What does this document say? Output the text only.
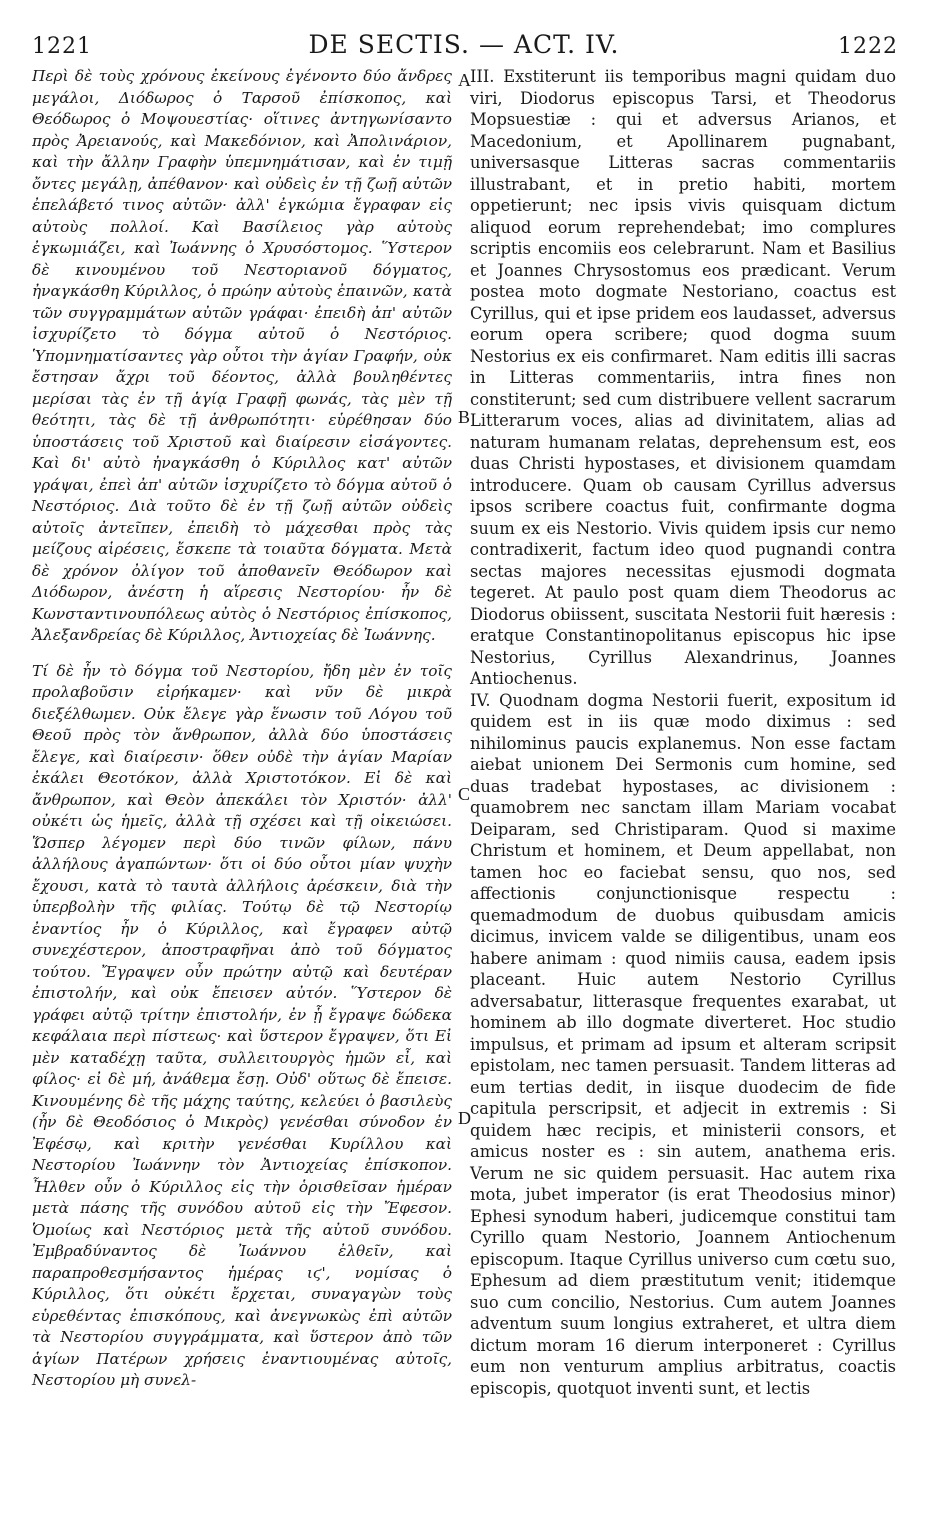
1221	DE SECTIS. — ACT. IV.	1222

Περὶ δὲ τοὺς χρόνους ἐκείνους ἐγένοντο δύο ἄνδρες μεγάλοι, Διόδωρος ὁ Ταρσοῦ ἐπίσκοπος, καὶ Θεόδωρος ὁ Μοψουεστίας· οἵτινες ἀντηγωνίσαντο πρὸς Ἀρειανούς, καὶ Μακεδόνιον, καὶ Ἀπολινάριον, καὶ τὴν ἄλλην Γραφὴν ὑπεμνημάτισαν, καὶ ἐν τιμῇ ὄντες μεγάλῃ, ἀπέθανον· καὶ οὐδεὶς ἐν τῇ ζωῇ αὐτῶν ἐπελάβετό τινος αὐτῶν· ἀλλ' ἐγκώμια ἔγραφαν εἰς αὐτοὺς πολλοί. Καὶ Βασίλειος γὰρ αὐτοὺς ἐγκωμιάζει, καὶ Ἰωάννης ὁ Χρυσόστομος. Ὕστερον δὲ κινουμένου τοῦ Νεστοριανοῦ δόγματος, ἠναγκάσθη Κύριλλος, ὁ πρώην αὐτοὺς ἐπαινῶν, κατὰ τῶν συγγραμμάτων αὐτῶν γράφαι· ἐπειδὴ ἀπ' αὐτῶν ἰσχυρίζετο τὸ δόγμα αὐτοῦ ὁ Νεστόριος. Ὑπομνηματίσαντες γὰρ οὗτοι τὴν ἁγίαν Γραφήν, οὐκ ἔστησαν ἄχρι τοῦ δέοντος, ἀλλὰ βουληθέντες μερίσαι τὰς ἐν τῇ ἁγίᾳ Γραφῇ φωνάς, τὰς μὲν τῇ θεότητι, τὰς δὲ τῇ ἀνθρωπότητι· εὑρέθησαν δύο ὑποστάσεις τοῦ Χριστοῦ καὶ διαίρεσιν εἰσάγοντες. Καὶ δι' αὐτὸ ἠναγκάσθη ὁ Κύριλλος κατ' αὐτῶν γράψαι, ἐπεὶ ἀπ' αὐτῶν ἰσχυρίζετο τὸ δόγμα αὐτοῦ ὁ Νεστόριος. Διὰ τοῦτο δὲ ἐν τῇ ζωῇ αὐτῶν οὐδεὶς αὐτοῖς ἀντεῖπεν, ἐπειδὴ τὸ μάχεσθαι πρὸς τὰς μείζους αἱρέσεις, ἔσκεπε τὰ τοιαῦτα δόγματα. Μετὰ δὲ χρόνον ὀλίγον τοῦ ἀποθανεῖν Θεόδωρον καὶ Διόδωρον, ἀνέστη ἡ αἵρεσις Νεστορίου· ἦν δὲ Κωνσταντινουπόλεως αὐτὸς ὁ Νεστόριος ἐπίσκοπος, Ἀλεξανδρείας δὲ Κύριλλος, Ἀντιοχείας δὲ Ἰωάννης.

Τί δὲ ἦν τὸ δόγμα τοῦ Νεστορίου, ἤδη μὲν ἐν τοῖς προλαβοῦσιν εἰρήκαμεν· καὶ νῦν δὲ μικρὰ διεξέλθωμεν. Οὐκ ἔλεγε γὰρ ἕνωσιν τοῦ Λόγου τοῦ Θεοῦ πρὸς τὸν ἄνθρωπον, ἀλλὰ δύο ὑποστάσεις ἔλεγε, καὶ διαίρεσιν· ὅθεν οὐδὲ τὴν ἁγίαν Μαρίαν ἐκάλει Θεοτόκον, ἀλλὰ Χριστοτόκον. Εἰ δὲ καὶ ἄνθρωπον, καὶ Θεὸν ἀπεκάλει τὸν Χριστόν· ἀλλ' οὐκέτι ὡς ἡμεῖς, ἀλλὰ τῇ σχέσει καὶ τῇ οἰκειώσει. Ὥσπερ λέγομεν περὶ δύο τινῶν φίλων, πάνυ ἀλλήλους ἀγαπώντων· ὅτι οἱ δύο οὗτοι μίαν ψυχὴν ἔχουσι, κατὰ τὸ ταυτὰ ἀλλήλοις ἀρέσκειν, διὰ τὴν ὑπερβολὴν τῆς φιλίας. Τούτῳ δὲ τῷ Νεστορίῳ ἐναντίος ἦν ὁ Κύριλλος, καὶ ἔγραφεν αὐτῷ συνεχέστερον, ἀποστραφῆναι ἀπὸ τοῦ δόγματος τούτου. Ἔγραψεν οὖν πρώτην αὐτῷ καὶ δευτέραν ἐπιστολήν, καὶ οὐκ ἔπεισεν αὐτόν. Ὕστερον δὲ γράφει αὐτῷ τρίτην ἐπιστολήν, ἐν ᾗ ἔγραψε δώδεκα κεφάλαια περὶ πίστεως· καὶ ὕστερον ἔγραψεν, ὅτι Εἰ μὲν καταδέχῃ ταῦτα, συλλειτουργὸς ἡμῶν εἶ, καὶ φίλος· εἰ δὲ μή, ἀνάθεμα ἔσῃ. Οὐδ' οὕτως δὲ ἔπεισε. Κινουμένης δὲ τῆς μάχης ταύτης, κελεύει ὁ βασιλεὺς (ἦν δὲ Θεοδόσιος ὁ Μικρὸς) γενέσθαι σύνοδον ἐν Ἐφέσῳ, καὶ κριτὴν γενέσθαι Κυρίλλου καὶ Νεστορίου Ἰωάννην τὸν Ἀντιοχείας ἐπίσκοπον. Ἦλθεν οὖν ὁ Κύριλλος εἰς τὴν ὁρισθεῖσαν ἡμέραν μετὰ πάσης τῆς συνόδου αὐτοῦ εἰς τὴν Ἔφεσον. Ὁμοίως καὶ Νεστόριος μετὰ τῆς αὐτοῦ συνόδου. Ἐμβραδύναντος δὲ Ἰωάννου ἐλθεῖν, καὶ παραπροθεσμήσαντος ἡμέρας ιϛ', νομίσας ὁ Κύριλλος, ὅτι οὐκέτι ἔρχεται, συναγαγὼν τοὺς εὑρεθέντας ἐπισκόπους, καὶ ἀνεγνωκὼς ἐπὶ αὐτῶν τὰ Νεστορίου συγγράμματα, καὶ ὕστερον ἀπὸ τῶν ἁγίων Πατέρων χρήσεις ἐναντιουμένας αὐτοῖς, Νεστορίου μὴ συνελ-

A
B
C
D

III. Exstiterunt iis temporibus magni quidam duo viri, Diodorus episcopus Tarsi, et Theodorus Mopsuestiæ : qui et adversus Arianos, et Macedonium, et Apollinarem pugnabant, universasque Litteras sacras commentariis illustrabant, et in pretio habiti, mortem oppetierunt; nec ipsis vivis quisquam dictum aliquod eorum reprehendebat; imo complures scriptis encomiis eos celebrarunt. Nam et Basilius et Joannes Chrysostomus eos prædicant. Verum postea moto dogmate Nestoriano, coactus est Cyrillus, qui et ipse pridem eos laudasset, adversus eorum opera scribere; quod dogma suum Nestorius ex eis confirmaret. Nam editis illi sacras in Litteras commentariis, intra fines non constiterunt; sed cum distribuere vellent sacrarum Litterarum voces, alias ad divinitatem, alias ad naturam humanam relatas, deprehensum est, eos duas Christi hypostases, et divisionem quamdam introducere. Quam ob causam Cyrillus adversus ipsos scribere coactus fuit, confirmante dogma suum ex eis Nestorio. Vivis quidem ipsis cur nemo contradixerit, factum ideo quod pugnandi contra sectas majores necessitas ejusmodi dogmata tegeret. At paulo post quam diem Theodorus ac Diodorus obiissent, suscitata Nestorii fuit hæresis : eratque Constantinopolitanus episcopus hic ipse Nestorius, Cyrillus Alexandrinus, Joannes Antiochenus.

IV. Quodnam dogma Nestorii fuerit, expositum id quidem est in iis quæ modo diximus : sed nihilominus paucis explanemus. Non esse factam aiebat unionem Dei Sermonis cum homine, sed duas tradebat hypostases, ac divisionem : quamobrem nec sanctam illam Mariam vocabat Deiparam, sed Christiparam. Quod si maxime Christum et hominem, et Deum appellabat, non tamen hoc eo faciebat sensu, quo nos, sed affectionis conjunctionisque respectu : quemadmodum de duobus quibusdam amicis dicimus, invicem valde se diligentibus, unam eos habere animam : quod nimiis causa, eadem ipsis placeant. Huic autem Nestorio Cyrillus adversabatur, litterasque frequentes exarabat, ut hominem ab illo dogmate diverteret. Hoc studio impulsus, et primam ad ipsum et alteram scripsit epistolam, nec tamen persuasit. Tandem litteras ad eum tertias dedit, in iisque duodecim de fide capitula perscripsit, et adjecit in extremis : Si quidem hæc recipis, et ministerii consors, et amicus noster es : sin autem, anathema eris. Verum ne sic quidem persuasit. Hac autem rixa mota, jubet imperator (is erat Theodosius minor) Ephesi synodum haberi, judicemque constitui tam Cyrillo quam Nestorio, Joannem Antiochenum episcopum. Itaque Cyrillus universo cum cœtu suo, Ephesum ad diem præstitutum venit; itidemque suo cum concilio, Nestorius. Cum autem Joannes adventum suum longius extraheret, et ultra diem dictum moram 16 dierum interponeret : Cyrillus eum non venturum amplius arbitratus, coactis episcopis, quotquot inventi sunt, et lectis
